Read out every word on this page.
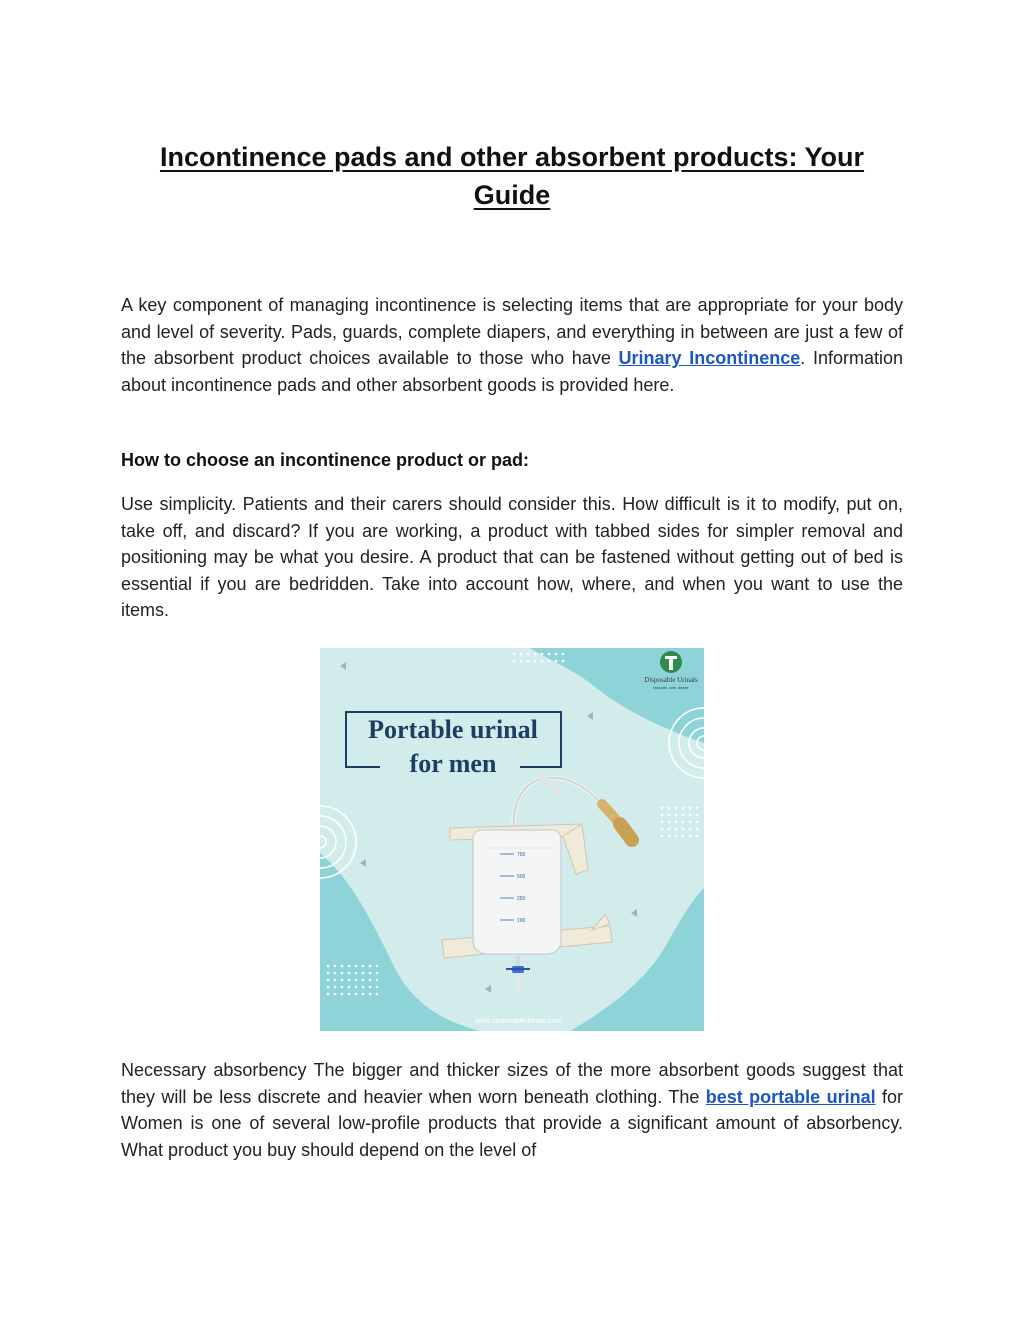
Incontinence pads and other absorbent products: Your Guide

A key component of managing incontinence is selecting items that are appropriate for your body and level of severity. Pads, guards, complete diapers, and everything in between are just a few of the absorbent product choices available to those who have Urinary Incontinence. Information about incontinence pads and other absorbent goods is provided here.

How to choose an incontinence product or pad:

Use simplicity. Patients and their carers should consider this. How difficult is it to modify, put on, take off, and discard? If you are working, a product with tabbed sides for simpler removal and positioning may be what you desire. A product that can be fastened without getting out of bed is essential if you are bedridden. Take into account how, where, and when you want to use the items.

Disposable Urinals
innovate. care. deliver
Portable urinal
for men
750
500
250
100
www.disposableurinals.com

Necessary absorbency The bigger and thicker sizes of the more absorbent goods suggest that they will be less discrete and heavier when worn beneath clothing. The best portable urinal for Women is one of several low-profile products that provide a significant amount of absorbency. What product you buy should depend on the level of
